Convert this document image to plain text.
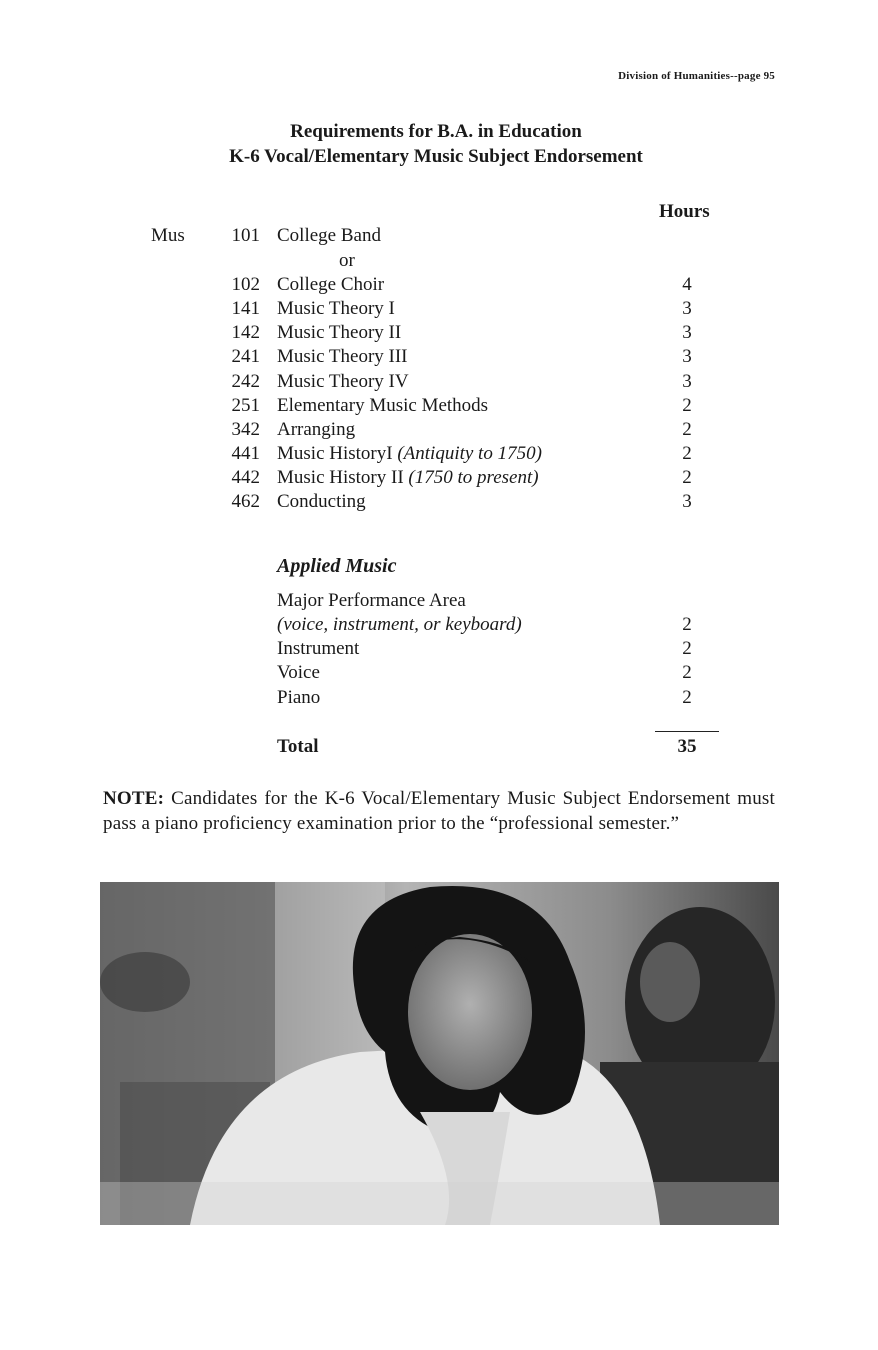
Division of Humanities--page 95
Requirements for B.A. in Education
K-6 Vocal/Elementary Music Subject Endorsement
Hours
Mus 101 College Band
or
102 College Choir	4
141 Music Theory I	3
142 Music Theory II	3
241 Music Theory III	3
242 Music Theory IV	3
251 Elementary Music Methods	2
342 Arranging	2
441 Music HistoryI (Antiquity to 1750)	2
442 Music History II (1750 to present)	2
462 Conducting	3
Applied Music
Major Performance Area
(voice, instrument, or keyboard)	2
Instrument	2
Voice	2
Piano	2
Total	35
NOTE: Candidates for the K-6 Vocal/Elementary Music Subject Endorsement must pass a piano proficiency examination prior to the “professional semester.”
